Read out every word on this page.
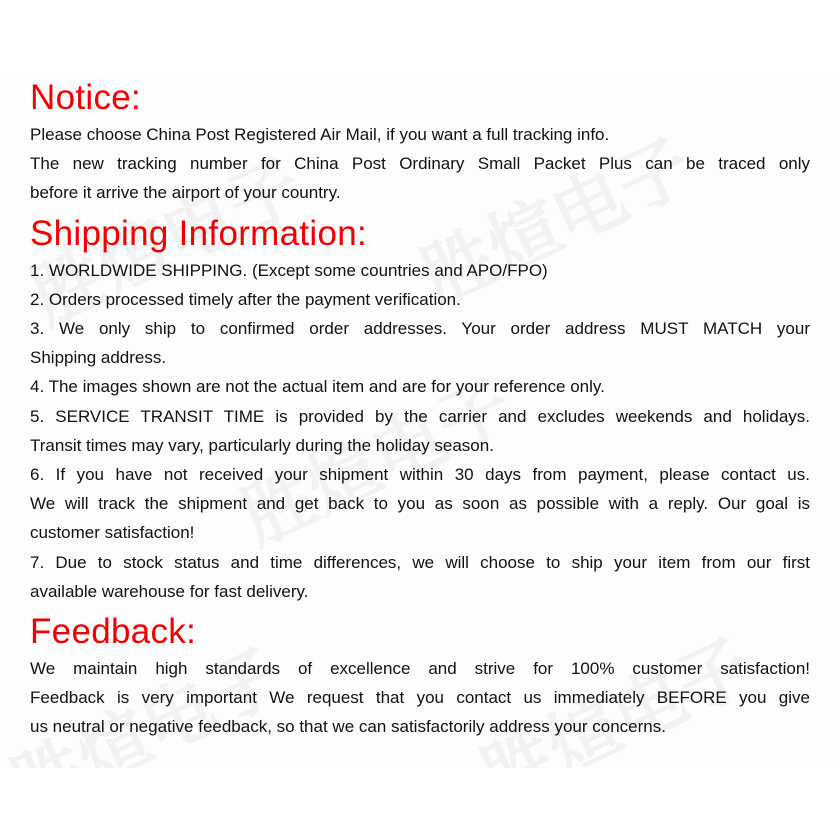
Notice:

Please choose China Post Registered Air Mail, if you want a full tracking info.

The new tracking number for China Post Ordinary Small Packet Plus can be traced only

before it arrive the airport of your country.

Shipping Information:

1. WORLDWIDE SHIPPING. (Except some countries and APO/FPO)

2. Orders processed timely after the payment verification.

3. We only ship to confirmed order addresses. Your order address MUST MATCH your

Shipping address.

4. The images shown are not the actual item and are for your reference only.

5. SERVICE TRANSIT TIME is provided by the carrier and excludes weekends and holidays.

Transit times may vary, particularly during the holiday season.

6. If you have not received your shipment within 30 days from payment, please contact us.

We will track the shipment and get back to you as soon as possible with a reply. Our goal is

customer satisfaction!

7. Due to stock status and time differences, we will choose to ship your item from our first

available warehouse for fast delivery.

Feedback:

We maintain high standards of excellence and strive for 100% customer satisfaction!

Feedback is very important We request that you contact us immediately BEFORE you give

us neutral or negative feedback, so that we can satisfactorily address your concerns.
